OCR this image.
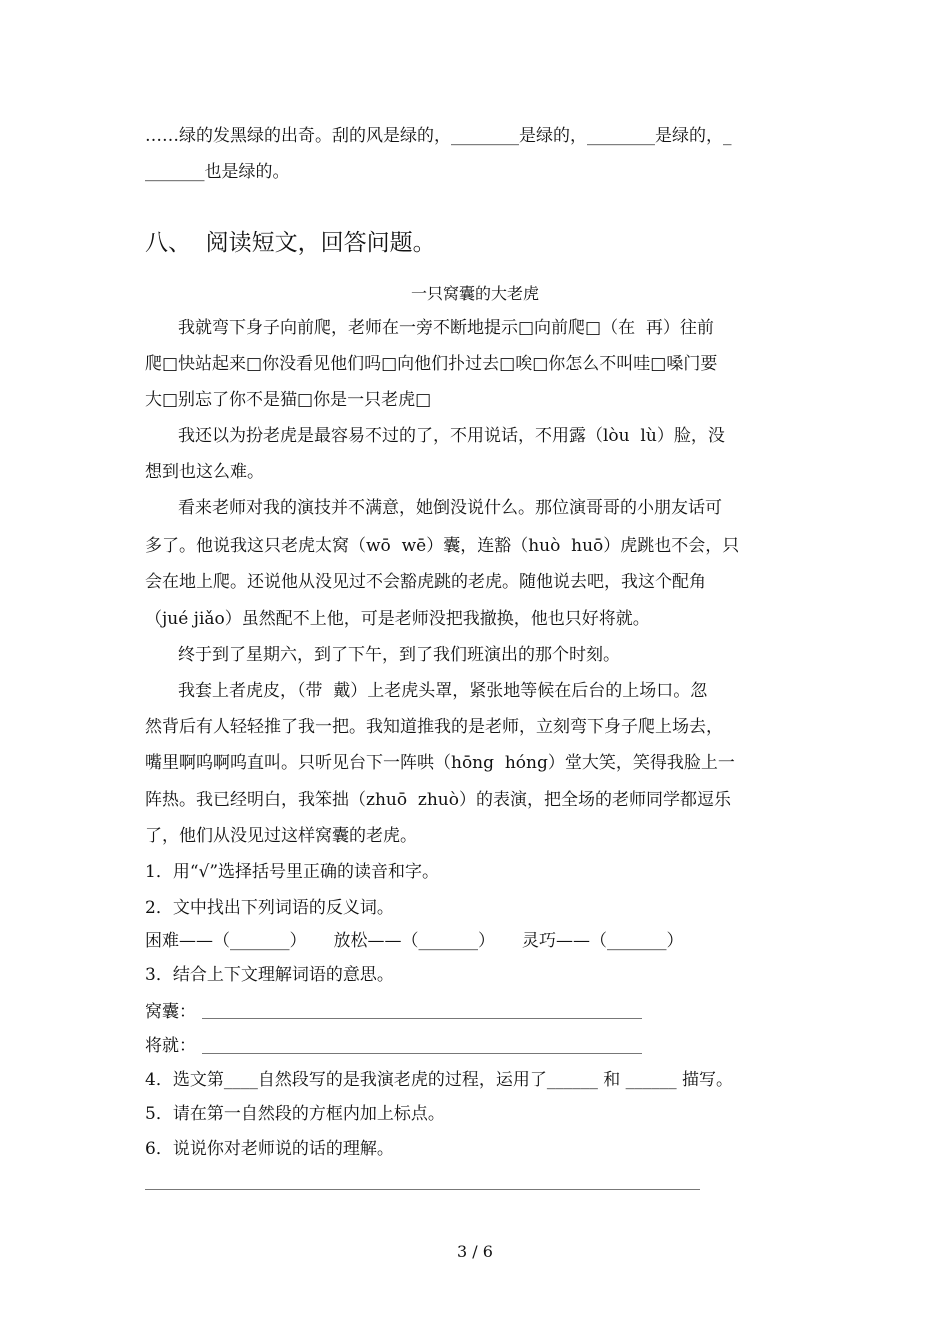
……绿的发黑绿的出奇。刮的风是绿的，________是绿的，________是绿的，_
_______也是绿的。
八、  阅读短文，回答问题。
一只窝囊的大老虎
我就弯下身子向前爬，老师在一旁不断地提示□向前爬□（在  再）往前
爬□快站起来□你没看见他们吗□向他们扑过去□唉□你怎么不叫哇□嗓门要
大□别忘了你不是猫□你是一只老虎□
我还以为扮老虎是最容易不过的了，不用说话，不用露（lòu  lù）脸，没
想到也这么难。
看来老师对我的演技并不满意，她倒没说什么。那位演哥哥的小朋友话可
多了。他说我这只老虎太窝（wō  wē）囊，连豁（huò  huō）虎跳也不会，只
会在地上爬。还说他从没见过不会豁虎跳的老虎。随他说去吧，我这个配角
（jué jiǎo）虽然配不上他，可是老师没把我撤换，他也只好将就。
终于到了星期六，到了下午，到了我们班演出的那个时刻。
我套上者虎皮，（带  戴）上老虎头罩，紧张地等候在后台的上场口。忽
然背后有人轻轻推了我一把。我知道推我的是老师，立刻弯下身子爬上场去，
嘴里啊呜啊呜直叫。只听见台下一阵哄（hōng  hóng）堂大笑，笑得我脸上一
阵热。我已经明白，我笨拙（zhuō  zhuò）的表演，把全场的老师同学都逗乐
了，他们从没见过这样窝囊的老虎。
1．用“√”选择括号里正确的读音和字。
2．文中找出下列词语的反义词。
困难——（_______）     放松——（_______）     灵巧——（_______）
3．结合上下文理解词语的意思。
窝囊：
将就：
4．选文第____自然段写的是我演老虎的过程，运用了______ 和 ______ 描写。
5．请在第一自然段的方框内加上标点。
6．说说你对老师说的话的理解。
3 / 6
